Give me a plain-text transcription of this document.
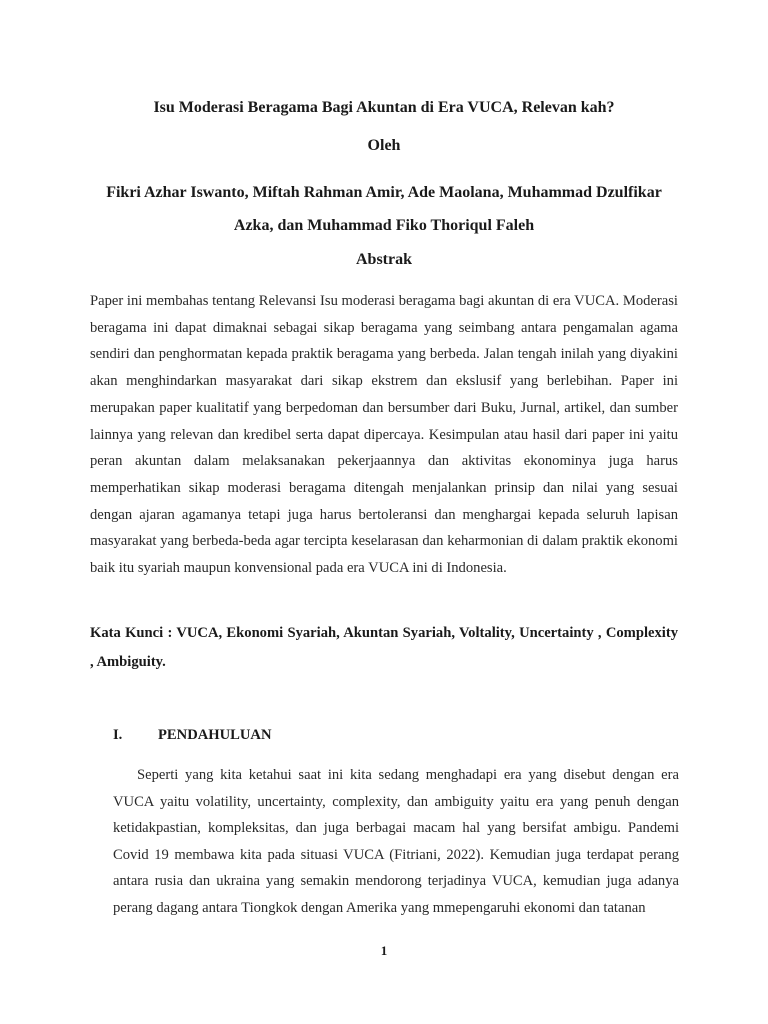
Isu Moderasi Beragama Bagi Akuntan di Era VUCA, Relevan kah?
Oleh
Fikri Azhar Iswanto, Miftah Rahman Amir, Ade Maolana, Muhammad Dzulfikar Azka, dan Muhammad Fiko Thoriqul Faleh
Abstrak
Paper ini membahas tentang Relevansi Isu moderasi beragama bagi akuntan di era VUCA. Moderasi beragama ini dapat dimaknai sebagai sikap beragama yang seimbang antara pengamalan agama sendiri dan penghormatan kepada praktik beragama yang berbeda. Jalan tengah inilah yang diyakini akan menghindarkan masyarakat dari sikap ekstrem dan ekslusif yang berlebihan. Paper ini merupakan paper kualitatif yang berpedoman dan bersumber dari Buku, Jurnal, artikel, dan sumber lainnya yang relevan dan kredibel serta dapat dipercaya. Kesimpulan atau hasil dari paper ini yaitu peran akuntan dalam melaksanakan pekerjaannya dan aktivitas ekonominya juga harus memperhatikan sikap moderasi beragama ditengah menjalankan prinsip dan nilai yang sesuai dengan ajaran agamanya tetapi juga harus bertoleransi dan menghargai kepada seluruh lapisan masyarakat yang berbeda-beda agar tercipta keselarasan dan keharmonian di dalam praktik ekonomi baik itu syariah maupun konvensional pada era VUCA ini di Indonesia.
Kata Kunci : VUCA, Ekonomi Syariah, Akuntan Syariah, Voltality, Uncertainty , Complexity , Ambiguity.
I.	PENDAHULUAN
Seperti yang kita ketahui saat ini kita sedang menghadapi era yang disebut dengan era VUCA yaitu volatility, uncertainty, complexity, dan ambiguity yaitu era yang penuh dengan ketidakpastian, kompleksitas, dan juga berbagai macam hal yang bersifat ambigu. Pandemi Covid 19 membawa kita pada situasi VUCA (Fitriani, 2022). Kemudian juga terdapat perang antara rusia dan ukraina yang semakin mendorong terjadinya VUCA, kemudian juga adanya perang dagang antara Tiongkok dengan Amerika yang mmepengaruhi ekonomi dan tatanan
1
